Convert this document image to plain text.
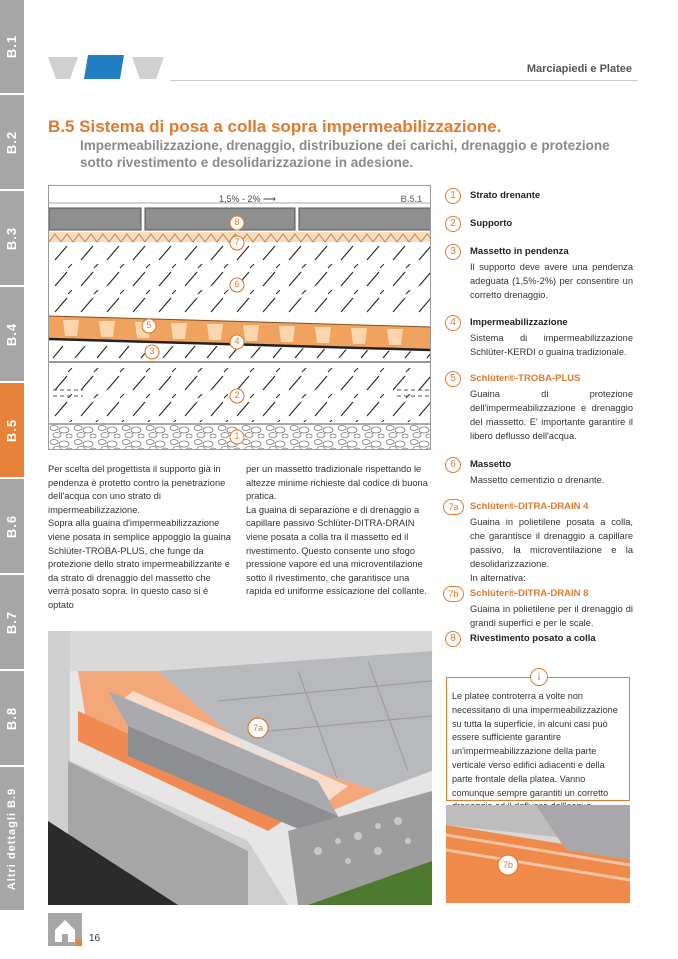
B.1
B.2
B.3
B.4
B.5
B.6
B.7
B.8
Altri dettagli B.9
Marciapiedi e Platee
B.5 Sistema di posa a colla sopra impermeabilizzazione.
Impermeabilizzazione, drenaggio, distribuzione dei carichi, drenaggio e protezione sotto rivestimento e desolidarizzazione in adesione.
1,5% - 2% ⟶	B.5.1
8
7
6
5
4
3
2
1

Per scelta del progettista il supporto già in pendenza è protetto contro la penetrazione dell'acqua con uno strato di impermeabilizzazione.

Sopra alla guaina d'impermeabilizzazione viene posata in semplice appoggio la guaina Schlüter-TROBA-PLUS, che funge da protezione dello strato impermeabilizzante e da strato di drenaggio del massetto che verrà posato sopra. In questo caso si è optato

per un massetto tradizionale rispettando le altezze minime richieste dal codice di buona pratica.

La guaina di separazione e di drenaggio a capillare passivo Schlüter-DITRA-DRAIN viene posata a colla tra il massetto ed il rivestimento. Questo consente uno sfogo pressione vapore ed una microventilazione sotto il rivestimento, che garantisce una rapida ed uniforme essicazione del collante.

1	Strato drenante
2	Supporto
3	Massetto in pendenza
Il supporto deve avere una pendenza adeguata (1,5%-2%) per consentire un corretto drenaggio.
4	Impermeabilizzazione
Sistema di impermeabilizzazione Schlüter-KERDI o guaina tradizionale.
5	Schlüter®-TROBA-PLUS
Guaina di protezione dell'impermeabilizzazione e drenaggio del massetto. E' importante garantire il libero deflusso dell'acqua.
6	Massetto
Massetto cementizio o drenante.
7a	Schlüter®-DITRA-DRAIN 4
Guaina in polietilene posata a colla, che garantisce il drenaggio a capillare passivo, la microventilazione e la desolidarizzazione.
In alternativa:
7b	Schlüter®-DITRA-DRAIN 8
Guaina in polietilene per il drenaggio di grandi superfici e per le scale.
8	Rivestimento posato a colla
i
Le platee controterra a volte non necessitano di una impermeabilizzazione su tutta la superficie, in alcuni casi può essere sufficiente garantire un'impermeabilizzazione della parte verticale verso edifici adiacenti e della parte frontale della platea. Vanno comunque sempre garantiti un corretto
7a
7b
16
